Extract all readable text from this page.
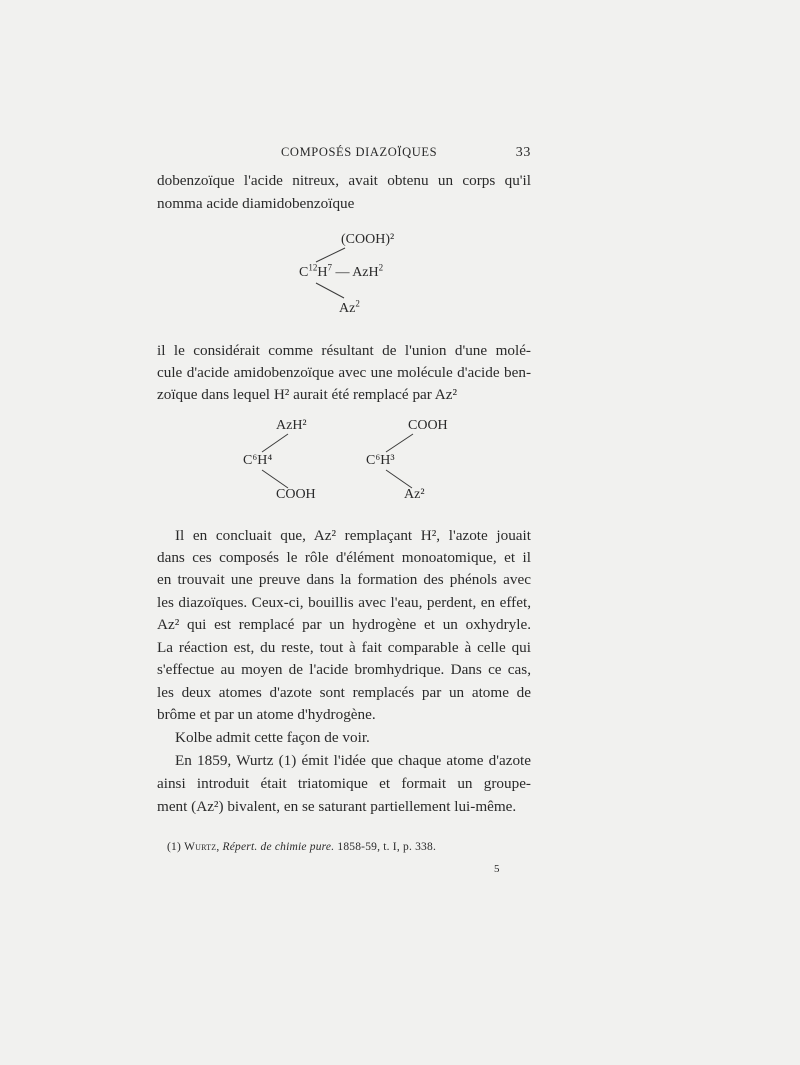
COMPOSÉS DIAZOÏQUES	33
dobenzoïque l'acide nitreux, avait obtenu un corps qu'il
nomma acide diamidobenzoïque
(COOH)²
$C^{12}H^7$ — AzH$^2$
Az$^2$
il le considérait comme résultant de l'union d'une molé-
cule d'acide amidobenzoïque avec une molécule d'acide ben-
zoïque dans lequel H² aurait été remplacé par Az²
AzH²
C⁶H⁴
COOH
COOH
C⁶H³
Az²
Il en concluait que, Az² remplaçant H², l'azote jouait
dans ces composés le rôle d'élément monoatomique, et il
en trouvait une preuve dans la formation des phénols avec
les diazoïques. Ceux-ci, bouillis avec l'eau, perdent, en effet,
Az² qui est remplacé par un hydrogène et un oxhydryle.
La réaction est, du reste, tout à fait comparable à celle qui
s'effectue au moyen de l'acide bromhydrique. Dans ce cas,
les deux atomes d'azote sont remplacés par un atome de
brôme et par un atome d'hydrogène.
Kolbe admit cette façon de voir.
En 1859, Wurtz (1) émit l'idée que chaque atome d'azote
ainsi introduit était triatomique et formait un groupe-
ment (Az²) bivalent, en se saturant partiellement lui-même.
(1) Wurtz, Répert. de chimie pure. 1858-59, t. I, p. 338.
5
